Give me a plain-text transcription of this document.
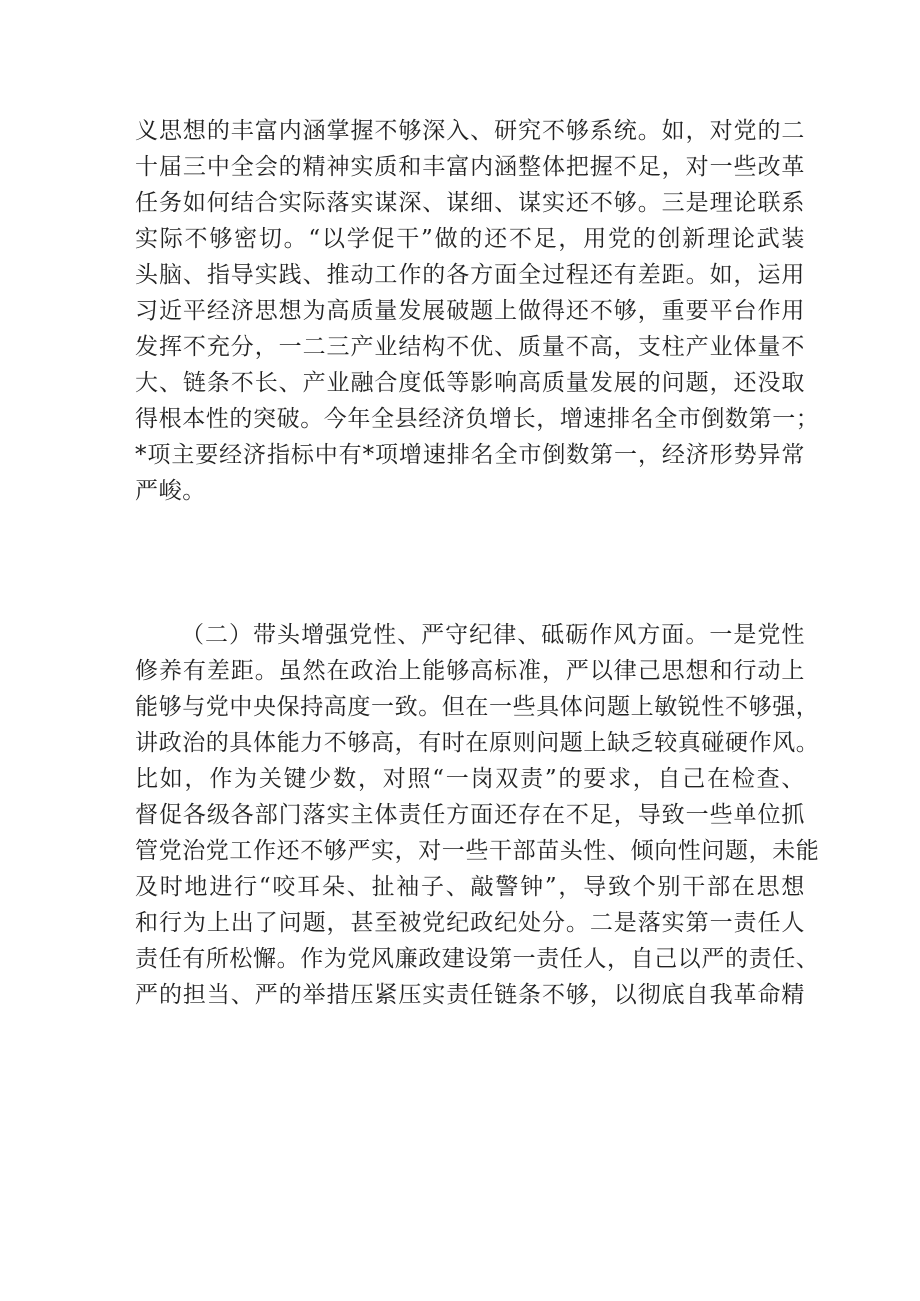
义思想的丰富内涵掌握不够深入、研究不够系统。如，对党的二
十届三中全会的精神实质和丰富内涵整体把握不足，对一些改革
任务如何结合实际落实谋深、谋细、谋实还不够。三是理论联系
实际不够密切。“以学促干”做的还不足，用党的创新理论武装
头脑、指导实践、推动工作的各方面全过程还有差距。如，运用
习近平经济思想为高质量发展破题上做得还不够，重要平台作用
发挥不充分，一二三产业结构不优、质量不高，支柱产业体量不
大、链条不长、产业融合度低等影响高质量发展的问题，还没取
得根本性的突破。今年全县经济负增长，增速排名全市倒数第一；
*项主要经济指标中有*项增速排名全市倒数第一，经济形势异常
严峻。
（二）带头增强党性、严守纪律、砥砺作风方面。一是党性
修养有差距。虽然在政治上能够高标准，严以律己思想和行动上
能够与党中央保持高度一致。但在一些具体问题上敏锐性不够强，
讲政治的具体能力不够高，有时在原则问题上缺乏较真碰硬作风。
比如，作为关键少数，对照“一岗双责”的要求，自己在检查、
督促各级各部门落实主体责任方面还存在不足，导致一些单位抓
管党治党工作还不够严实，对一些干部苗头性、倾向性问题，未能
及时地进行“咬耳朵、扯袖子、敲警钟”，导致个别干部在思想
和行为上出了问题，甚至被党纪政纪处分。二是落实第一责任人
责任有所松懈。作为党风廉政建设第一责任人，自己以严的责任、
严的担当、严的举措压紧压实责任链条不够，以彻底自我革命精
